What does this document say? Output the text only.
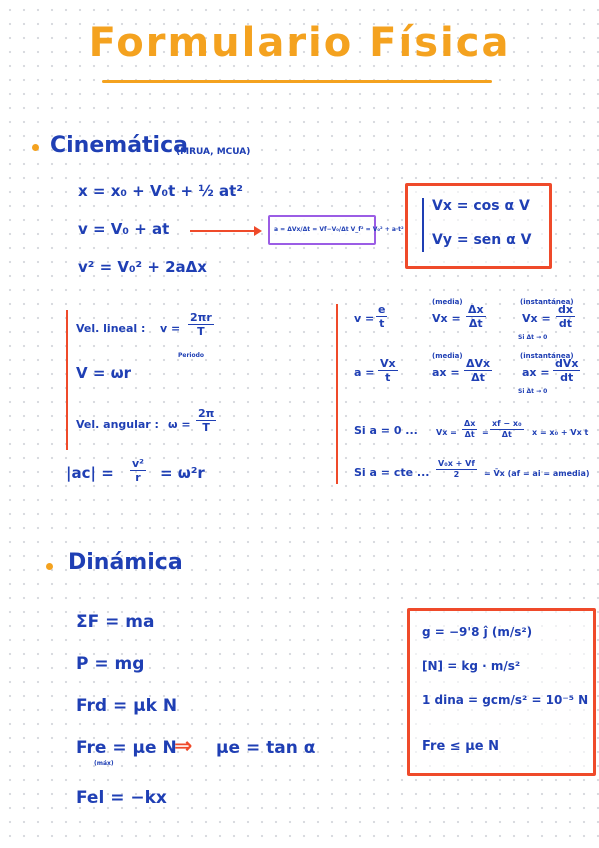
Formulario Física
Cinemática
(MRUA, MCUA)
x = x₀ + V₀t + ½ at²
v = V₀ + at
v² = V₀² + 2aΔx
a = ΔVx/Δt = Vf−V₀/Δt V_f² = V₀² + a·t²
Vx = cos α V
Vy = sen α V
Vel. lineal : $v = \frac{2\pi r}{T}$
Periodo
V = ωr
Vel. angular : $\omega = \frac{2\pi}{T}$
$|ac| = \frac{\text{v²}}{r} = \omega^2r$
$v = \frac{e}{t}$
(media)
$Vx = \frac{\Delta x}{\Delta t}$
(instantánea)
$Vx = \frac{dx}{dt}$
Si Δt → 0
$a = \frac{Vx}{t}$
(media)
ax =
ΔVx
Δt
(instantánea)
ax =
dVx
dt
Si Δt → 0
Si a = 0 ... $Vx = \frac{\Delta x}{\Delta t} = \frac{\text{xf − x₀}}{\Delta t}$ x = x₀ + Vx t
Si a = cte ... $\frac{\text{V₀x + Vf}}{2}$ = V̄x (af = ai = amedia)
Dinámica
ΣF = ma
P = mg
Frd = μk N
Fre = μe N
(máx)
⇒ μe = tan α
Fel = −kx
g = −9'8 ĵ (m/s²)
[N] = kg · m/s²
1 dina = gcm/s² = 10⁻⁵ N
Fre ≤ μe N
